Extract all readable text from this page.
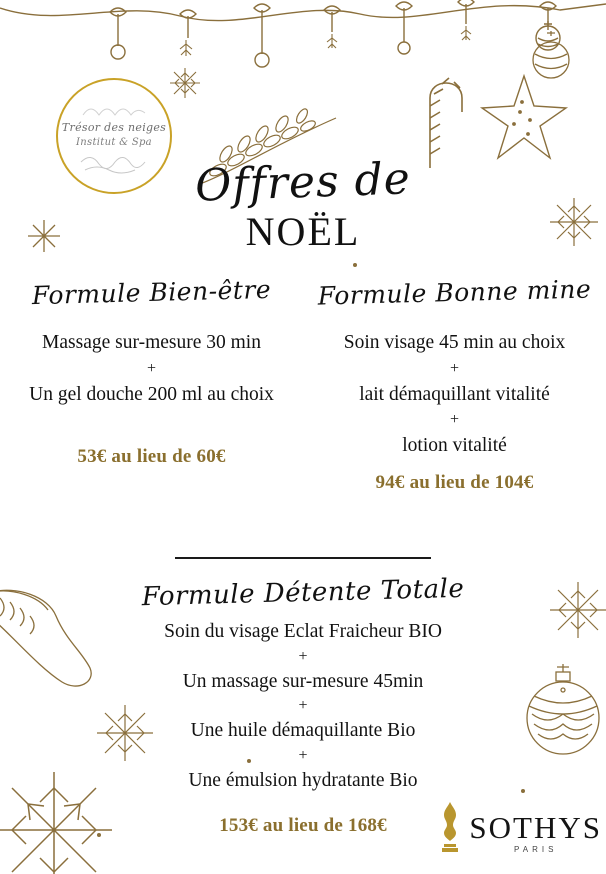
Trésor des neiges
Institut & Spa
Offres de
NOËL
Formule Bien-être
Massage sur-mesure 30 min
+
Un gel douche 200 ml au choix
53€ au lieu de 60€
Formule Bonne mine
Soin visage 45 min au choix
+
lait démaquillant vitalité
+
lotion vitalité
94€ au lieu de 104€
Formule Détente Totale
Soin du visage Eclat Fraicheur BIO
+
Un massage sur-mesure 45min
+
Une huile démaquillante Bio
+
Une émulsion hydratante Bio
153€ au lieu de 168€	SOTHYS
PARIS
